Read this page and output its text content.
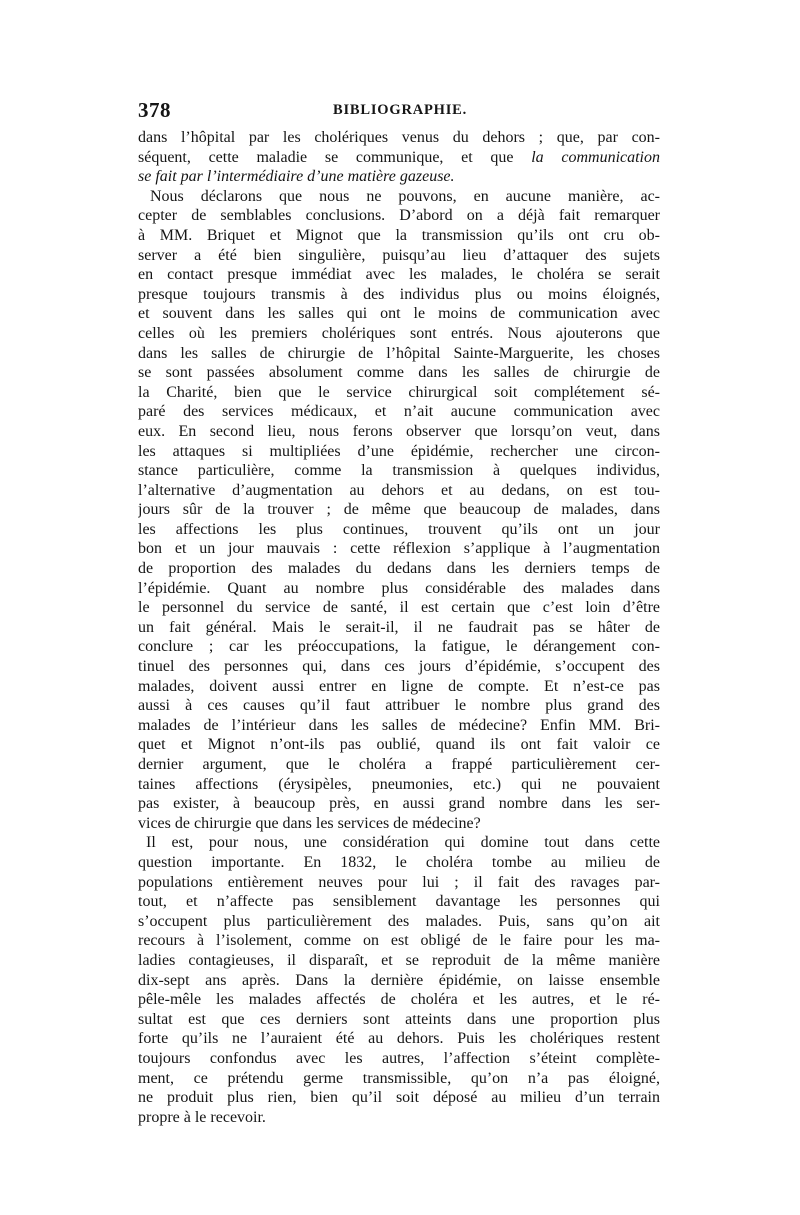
378	BIBLIOGRAPHIE.
dans l’hôpital par les cholériques venus du dehors ; que, par con-
séquent, cette maladie se communique, et que la communication
se fait par l’intermédiaire d’une matière gazeuse.
Nous déclarons que nous ne pouvons, en aucune manière, ac-
cepter de semblables conclusions. D’abord on a déjà fait remarquer
à MM. Briquet et Mignot que la transmission qu’ils ont cru ob-
server a été bien singulière, puisqu’au lieu d’attaquer des sujets
en contact presque immédiat avec les malades, le choléra se serait
presque toujours transmis à des individus plus ou moins éloignés,
et souvent dans les salles qui ont le moins de communication avec
celles où les premiers cholériques sont entrés. Nous ajouterons que
dans les salles de chirurgie de l’hôpital Sainte-Marguerite, les choses
se sont passées absolument comme dans les salles de chirurgie de
la Charité, bien que le service chirurgical soit complétement sé-
paré des services médicaux, et n’ait aucune communication avec
eux. En second lieu, nous ferons observer que lorsqu’on veut, dans
les attaques si multipliées d’une épidémie, rechercher une circon-
stance particulière, comme la transmission à quelques individus,
l’alternative d’augmentation au dehors et au dedans, on est tou-
jours sûr de la trouver ; de même que beaucoup de malades, dans
les affections les plus continues, trouvent qu’ils ont un jour
bon et un jour mauvais : cette réflexion s’applique à l’augmentation
de proportion des malades du dedans dans les derniers temps de
l’épidémie. Quant au nombre plus considérable des malades dans
le personnel du service de santé, il est certain que c’est loin d’être
un fait général. Mais le serait-il, il ne faudrait pas se hâter de
conclure ; car les préoccupations, la fatigue, le dérangement con-
tinuel des personnes qui, dans ces jours d’épidémie, s’occupent des
malades, doivent aussi entrer en ligne de compte. Et n’est-ce pas
aussi à ces causes qu’il faut attribuer le nombre plus grand des
malades de l’intérieur dans les salles de médecine? Enfin MM. Bri-
quet et Mignot n’ont-ils pas oublié, quand ils ont fait valoir ce
dernier argument, que le choléra a frappé particulièrement cer-
taines affections (érysipèles, pneumonies, etc.) qui ne pouvaient
pas exister, à beaucoup près, en aussi grand nombre dans les ser-
vices de chirurgie que dans les services de médecine?
Il est, pour nous, une considération qui domine tout dans cette
question importante. En 1832, le choléra tombe au milieu de
populations entièrement neuves pour lui ; il fait des ravages par-
tout, et n’affecte pas sensiblement davantage les personnes qui
s’occupent plus particulièrement des malades. Puis, sans qu’on ait
recours à l’isolement, comme on est obligé de le faire pour les ma-
ladies contagieuses, il disparaît, et se reproduit de la même manière
dix-sept ans après. Dans la dernière épidémie, on laisse ensemble
pêle-mêle les malades affectés de choléra et les autres, et le ré-
sultat est que ces derniers sont atteints dans une proportion plus
forte qu’ils ne l’auraient été au dehors. Puis les cholériques restent
toujours confondus avec les autres, l’affection s’éteint complète-
ment, ce prétendu germe transmissible, qu’on n’a pas éloigné,
ne produit plus rien, bien qu’il soit déposé au milieu d’un terrain
propre à le recevoir.
